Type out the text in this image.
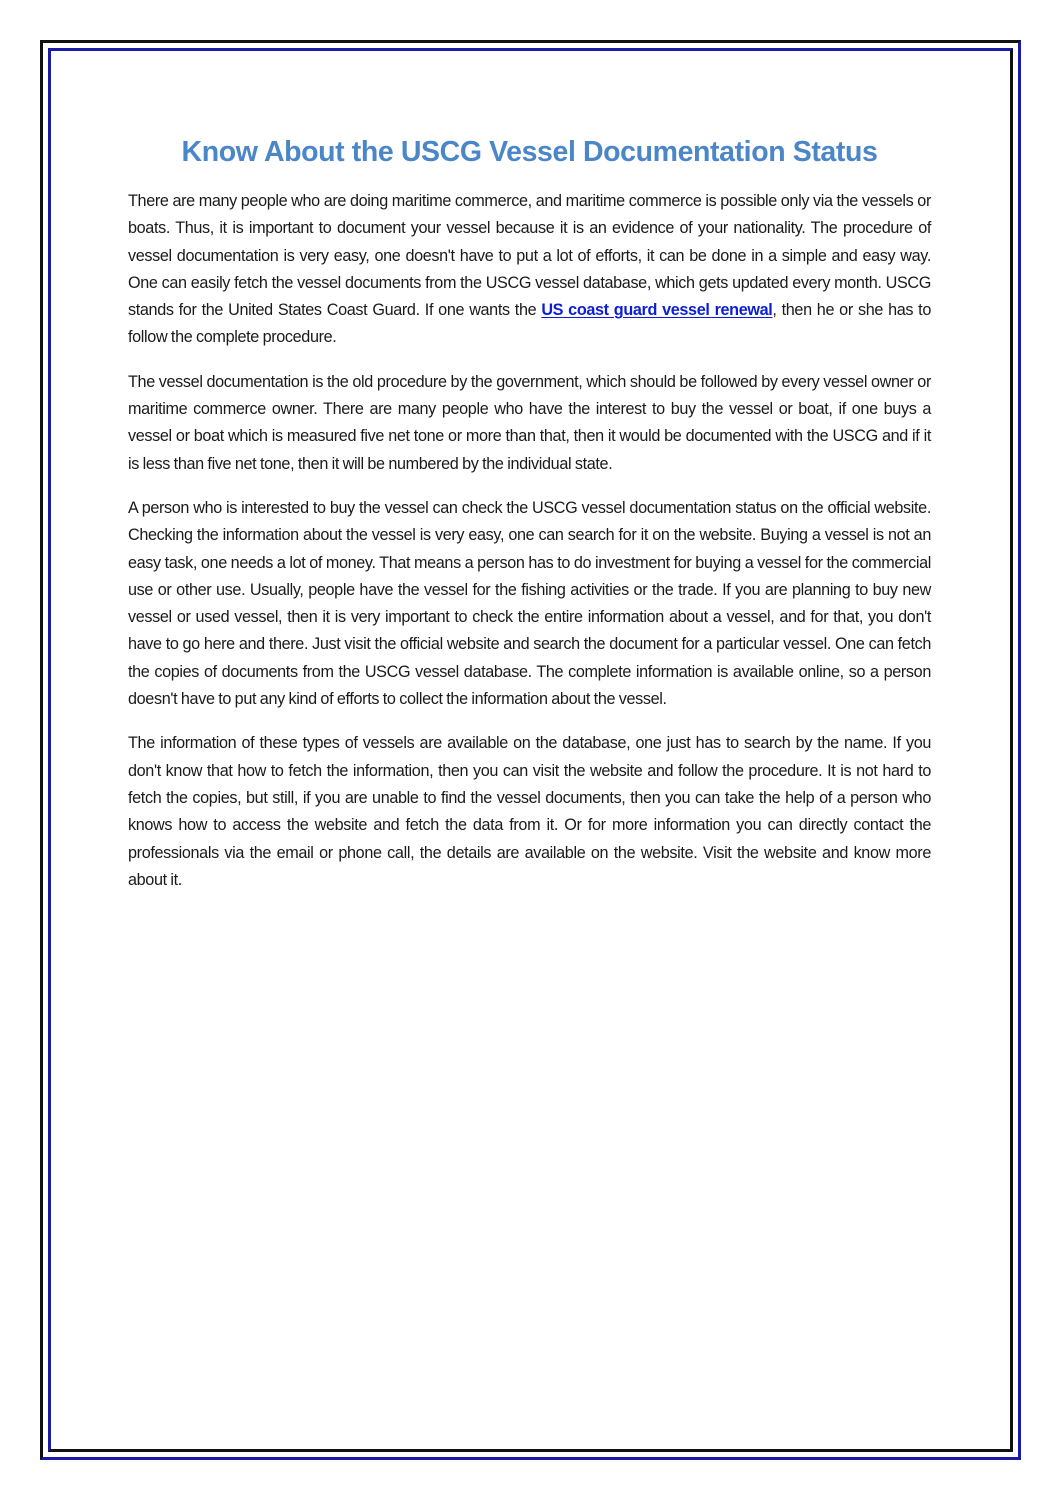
Know About the USCG Vessel Documentation Status

There are many people who are doing maritime commerce, and maritime commerce is possible only via the vessels or boats. Thus, it is important to document your vessel because it is an evidence of your nationality. The procedure of vessel documentation is very easy, one doesn't have to put a lot of efforts, it can be done in a simple and easy way. One can easily fetch the vessel documents from the USCG vessel database, which gets updated every month. USCG stands for the United States Coast Guard. If one wants the US coast guard vessel renewal, then he or she has to follow the complete procedure.

The vessel documentation is the old procedure by the government, which should be followed by every vessel owner or maritime commerce owner. There are many people who have the interest to buy the vessel or boat, if one buys a vessel or boat which is measured five net tone or more than that, then it would be documented with the USCG and if it is less than five net tone, then it will be numbered by the individual state.

A person who is interested to buy the vessel can check the USCG vessel documentation status on the official website. Checking the information about the vessel is very easy, one can search for it on the website. Buying a vessel is not an easy task, one needs a lot of money. That means a person has to do investment for buying a vessel for the commercial use or other use. Usually, people have the vessel for the fishing activities or the trade. If you are planning to buy new vessel or used vessel, then it is very important to check the entire information about a vessel, and for that, you don't have to go here and there. Just visit the official website and search the document for a particular vessel. One can fetch the copies of documents from the USCG vessel database. The complete information is available online, so a person doesn't have to put any kind of efforts to collect the information about the vessel.

The information of these types of vessels are available on the database, one just has to search by the name. If you don't know that how to fetch the information, then you can visit the website and follow the procedure. It is not hard to fetch the copies, but still, if you are unable to find the vessel documents, then you can take the help of a person who knows how to access the website and fetch the data from it. Or for more information you can directly contact the professionals via the email or phone call, the details are available on the website. Visit the website and know more about it.
